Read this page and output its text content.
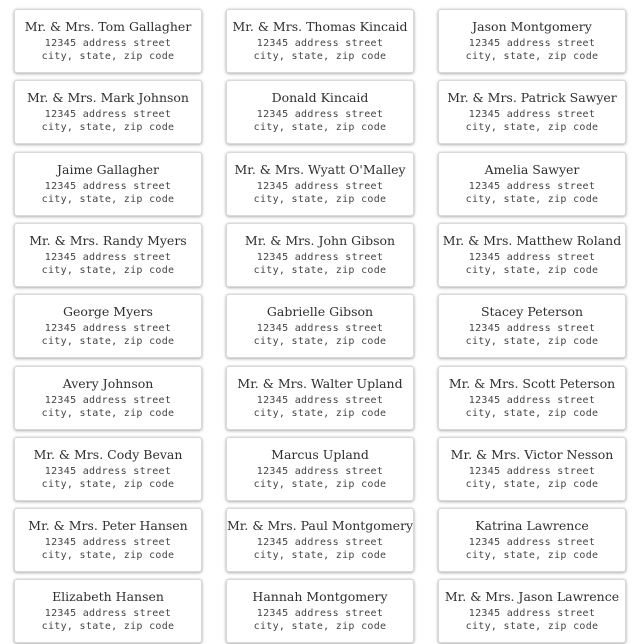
Mr. & Mrs. Tom Gallagher
12345 address street
city, state, zip code
Mr. & Mrs. Thomas Kincaid
12345 address street
city, state, zip code
Jason Montgomery
12345 address street
city, state, zip code
Mr. & Mrs. Mark Johnson
12345 address street
city, state, zip code
Donald Kincaid
12345 address street
city, state, zip code
Mr. & Mrs. Patrick Sawyer
12345 address street
city, state, zip code
Jaime Gallagher
12345 address street
city, state, zip code
Mr. & Mrs. Wyatt O'Malley
12345 address street
city, state, zip code
Amelia Sawyer
12345 address street
city, state, zip code
Mr. & Mrs. Randy Myers
12345 address street
city, state, zip code
Mr. & Mrs. John Gibson
12345 address street
city, state, zip code
Mr. & Mrs. Matthew Roland
12345 address street
city, state, zip code
George Myers
12345 address street
city, state, zip code
Gabrielle Gibson
12345 address street
city, state, zip code
Stacey Peterson
12345 address street
city, state, zip code
Avery Johnson
12345 address street
city, state, zip code
Mr. & Mrs. Walter Upland
12345 address street
city, state, zip code
Mr. & Mrs. Scott Peterson
12345 address street
city, state, zip code
Mr. & Mrs. Cody Bevan
12345 address street
city, state, zip code
Marcus Upland
12345 address street
city, state, zip code
Mr. & Mrs. Victor Nesson
12345 address street
city, state, zip code
Mr. & Mrs. Peter Hansen
12345 address street
city, state, zip code
Mr. & Mrs. Paul Montgomery
12345 address street
city, state, zip code
Katrina Lawrence
12345 address street
city, state, zip code
Elizabeth Hansen
12345 address street
city, state, zip code
Hannah Montgomery
12345 address street
city, state, zip code
Mr. & Mrs. Jason Lawrence
12345 address street
city, state, zip code
